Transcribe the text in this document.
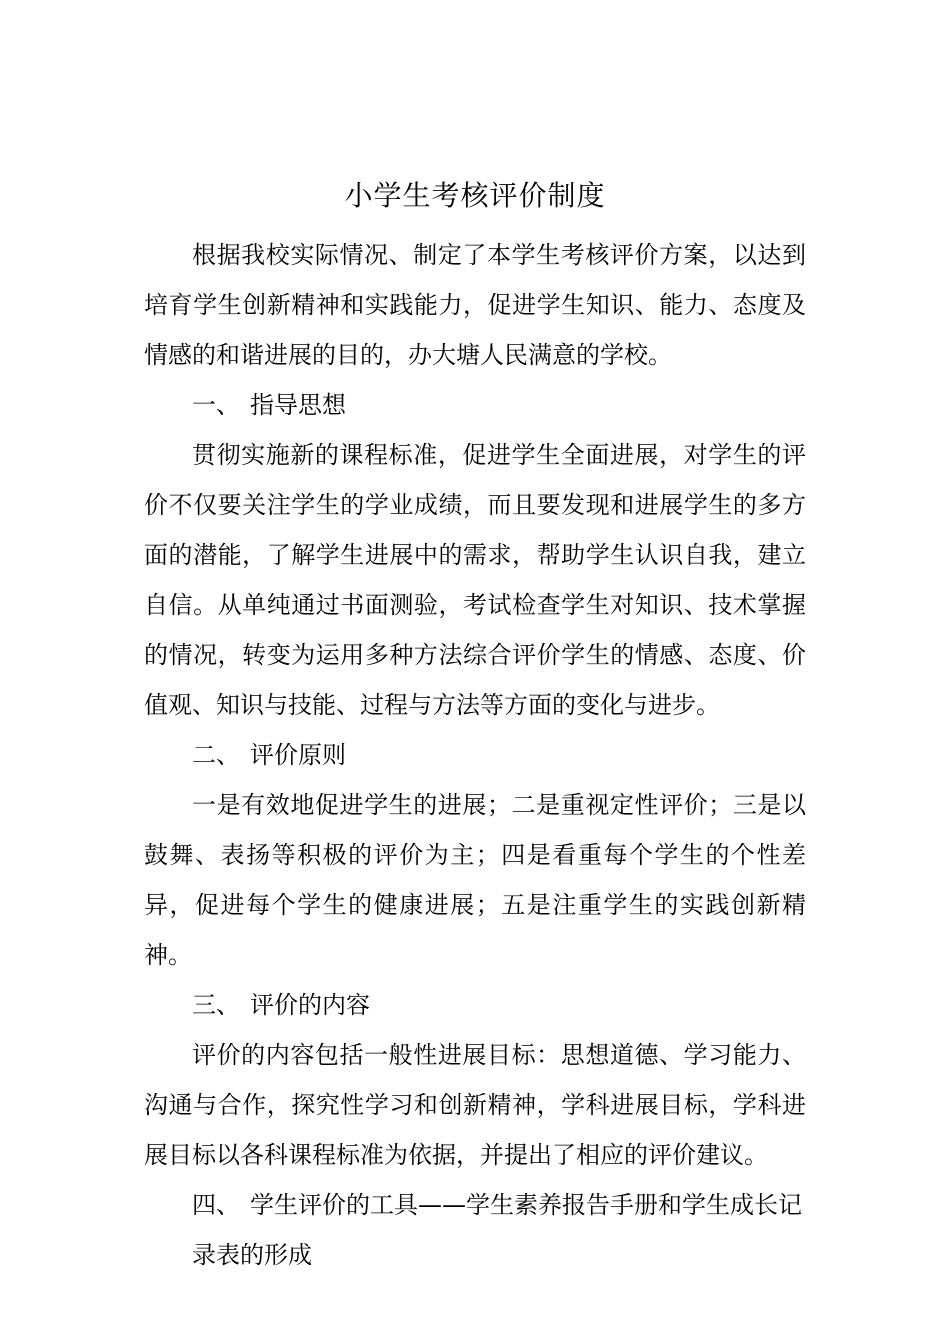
小学生考核评价制度

根据我校实际情况、制定了本学生考核评价方案，以达到培育学生创新精神和实践能力，促进学生知识、能力、态度及情感的和谐进展的目的，办大塘人民满意的学校。

一、 指导思想

贯彻实施新的课程标准，促进学生全面进展，对学生的评价不仅要关注学生的学业成绩，而且要发现和进展学生的多方面的潜能，了解学生进展中的需求，帮助学生认识自我，建立自信。从单纯通过书面测验，考试检查学生对知识、技术掌握的情况，转变为运用多种方法综合评价学生的情感、态度、价值观、知识与技能、过程与方法等方面的变化与进步。

二、 评价原则

一是有效地促进学生的进展；二是重视定性评价；三是以鼓舞、表扬等积极的评价为主；四是看重每个学生的个性差异，促进每个学生的健康进展；五是注重学生的实践创新精神。

三、 评价的内容

评价的内容包括一般性进展目标：思想道德、学习能力、沟通与合作，探究性学习和创新精神，学科进展目标，学科进展目标以各科课程标准为依据，并提出了相应的评价建议。

四、 学生评价的工具——学生素养报告手册和学生成长记录表的形成
